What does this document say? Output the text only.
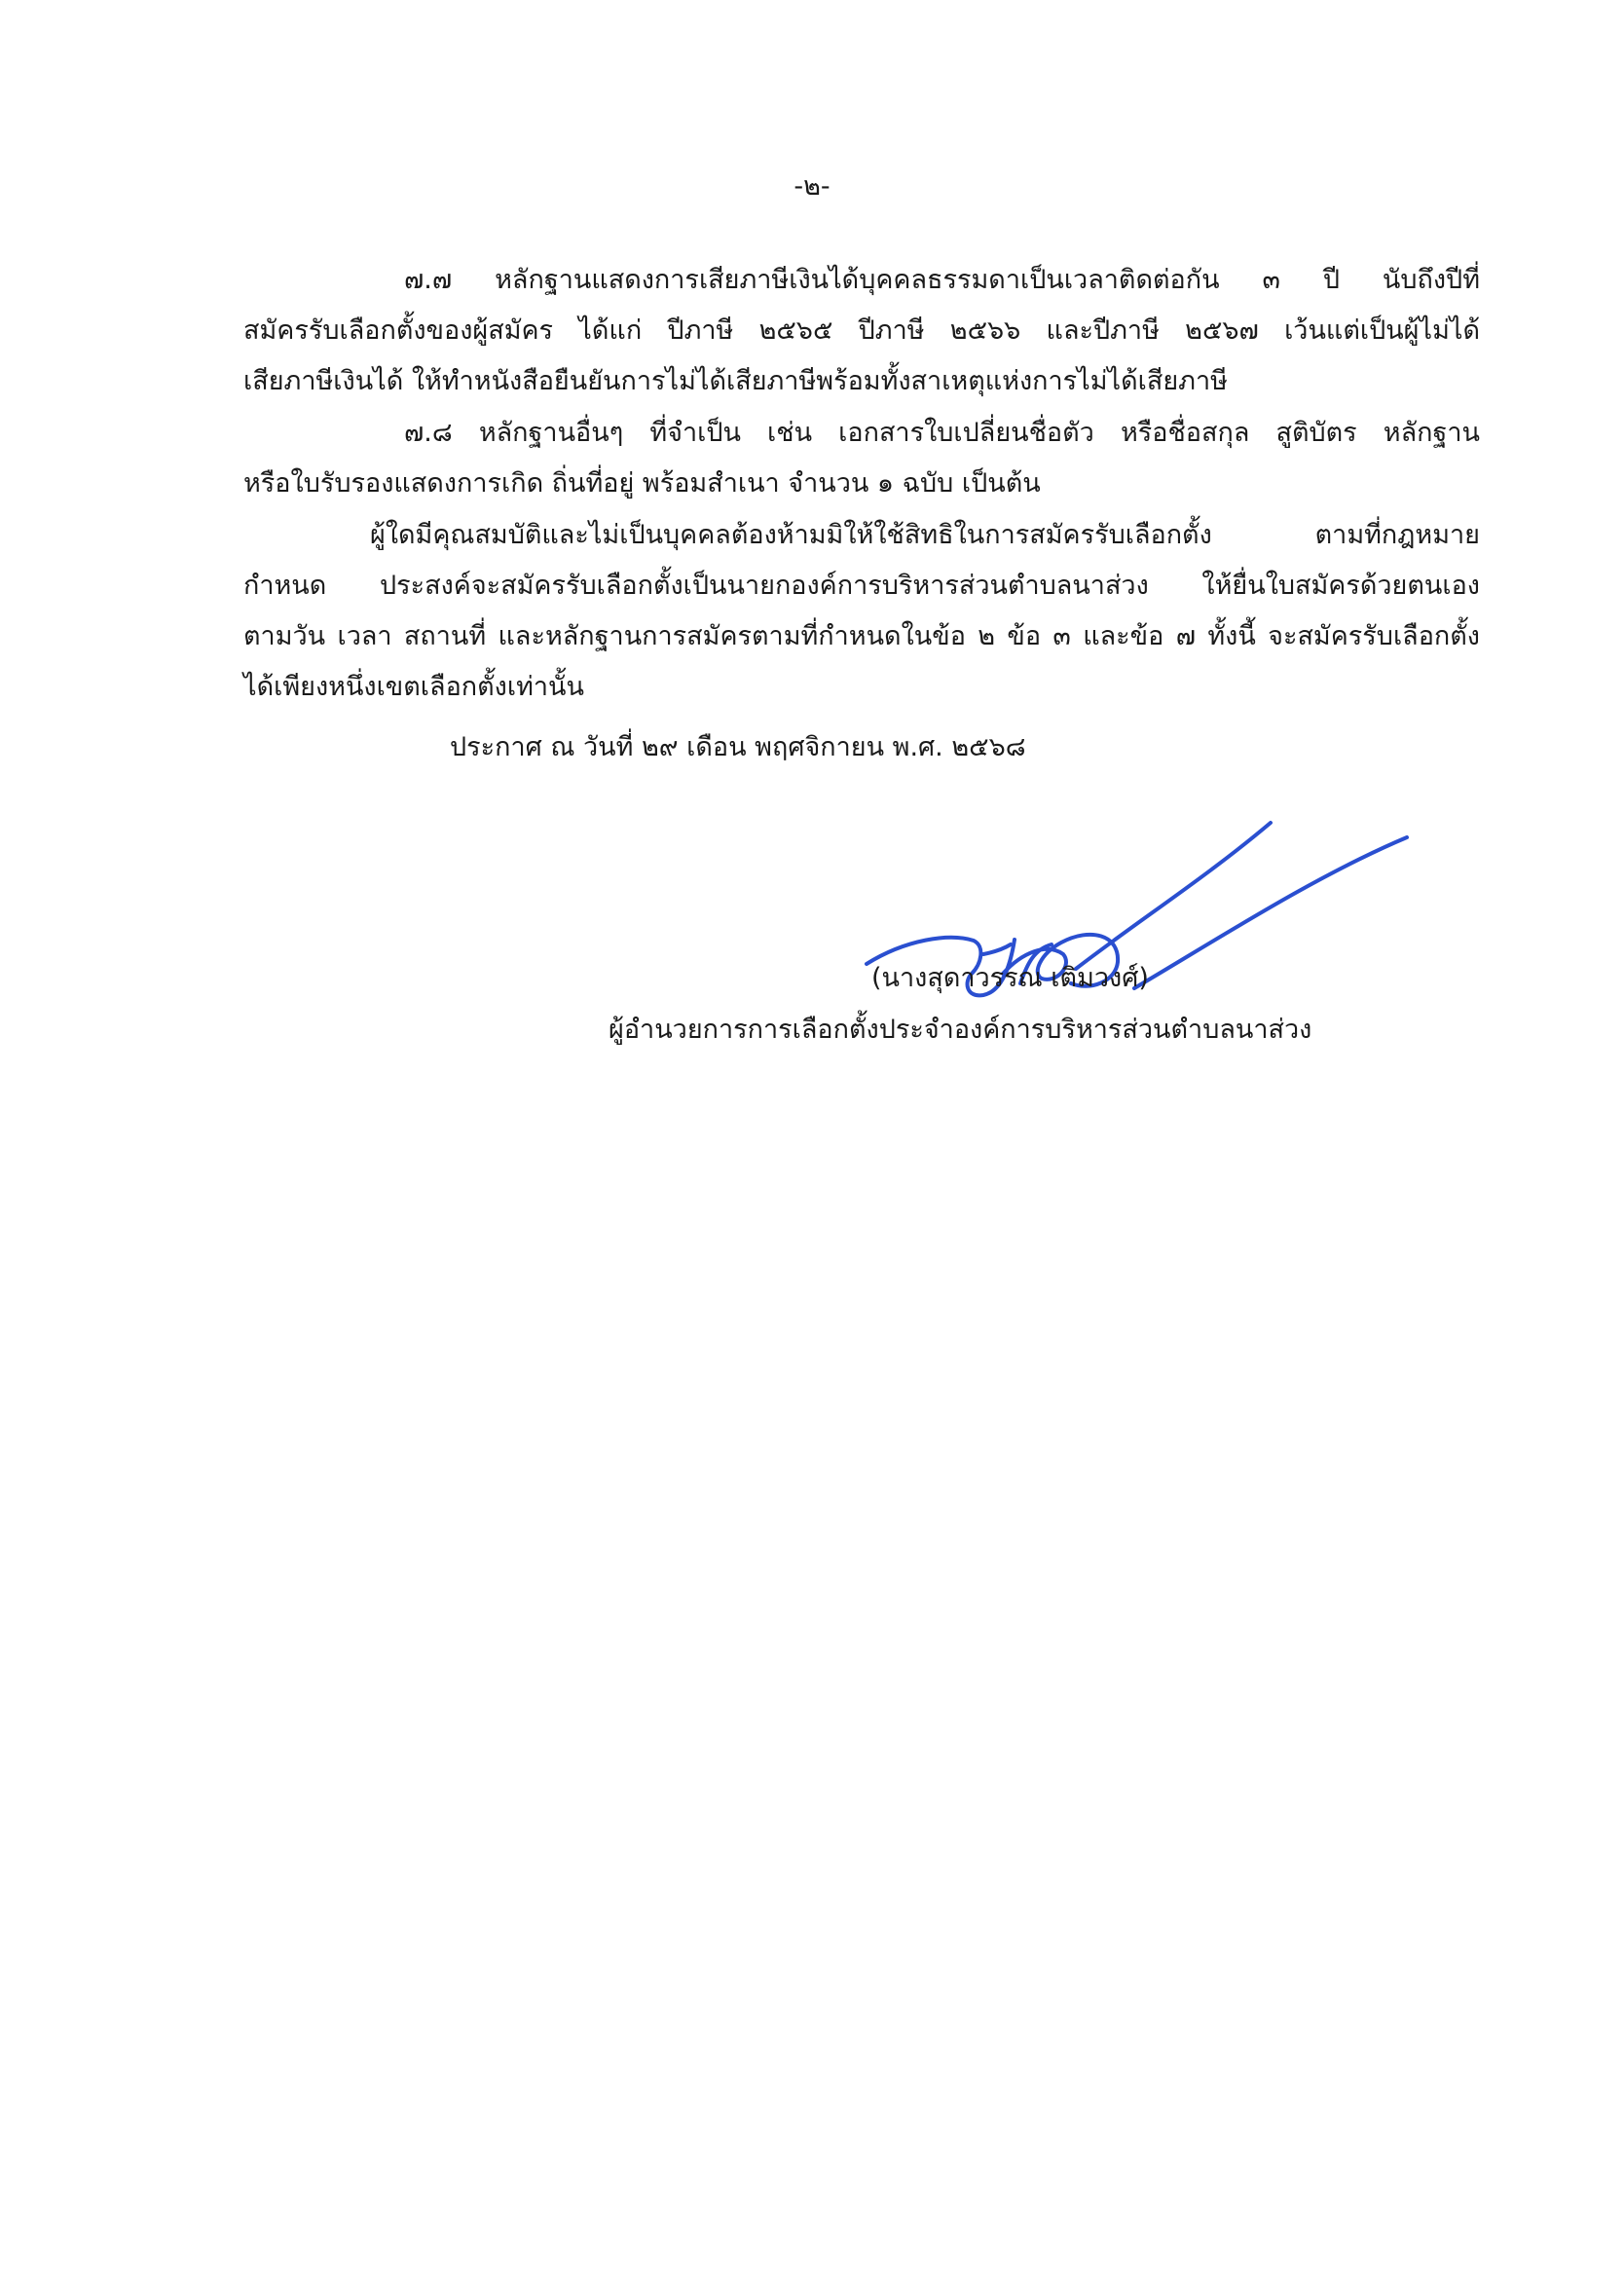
-๒-
๗.๗ หลักฐานแสดงการเสียภาษีเงินได้บุคคลธรรมดาเป็นเวลาติดต่อกัน ๓ ปี นับถึงปีที่
สมัครรับเลือกตั้งของผู้สมัคร ได้แก่ ปีภาษี ๒๕๖๕ ปีภาษี ๒๕๖๖ และปีภาษี ๒๕๖๗ เว้นแต่เป็นผู้ไม่ได้
เสียภาษีเงินได้ ให้ทำหนังสือยืนยันการไม่ได้เสียภาษีพร้อมทั้งสาเหตุแห่งการไม่ได้เสียภาษี
๗.๘ หลักฐานอื่นๆ ที่จำเป็น เช่น เอกสารใบเปลี่ยนชื่อตัว หรือชื่อสกุล สูติบัตร หลักฐาน
หรือใบรับรองแสดงการเกิด ถิ่นที่อยู่ พร้อมสำเนา จำนวน ๑ ฉบับ เป็นต้น
ผู้ใดมีคุณสมบัติและไม่เป็นบุคคลต้องห้ามมิให้ใช้สิทธิในการสมัครรับเลือกตั้ง ตามที่กฎหมาย
กำหนด ประสงค์จะสมัครรับเลือกตั้งเป็นนายกองค์การบริหารส่วนตำบลนาส่วง ให้ยื่นใบสมัครด้วยตนเอง
ตามวัน เวลา สถานที่ และหลักฐานการสมัครตามที่กำหนดในข้อ ๒ ข้อ ๓ และข้อ ๗ ทั้งนี้ จะสมัครรับเลือกตั้ง
ได้เพียงหนึ่งเขตเลือกตั้งเท่านั้น
ประกาศ ณ วันที่ ๒๙ เดือน พฤศจิกายน พ.ศ. ๒๕๖๘
(นางสุดาวรรณ เติมวงศ์)
ผู้อำนวยการการเลือกตั้งประจำองค์การบริหารส่วนตำบลนาส่วง
